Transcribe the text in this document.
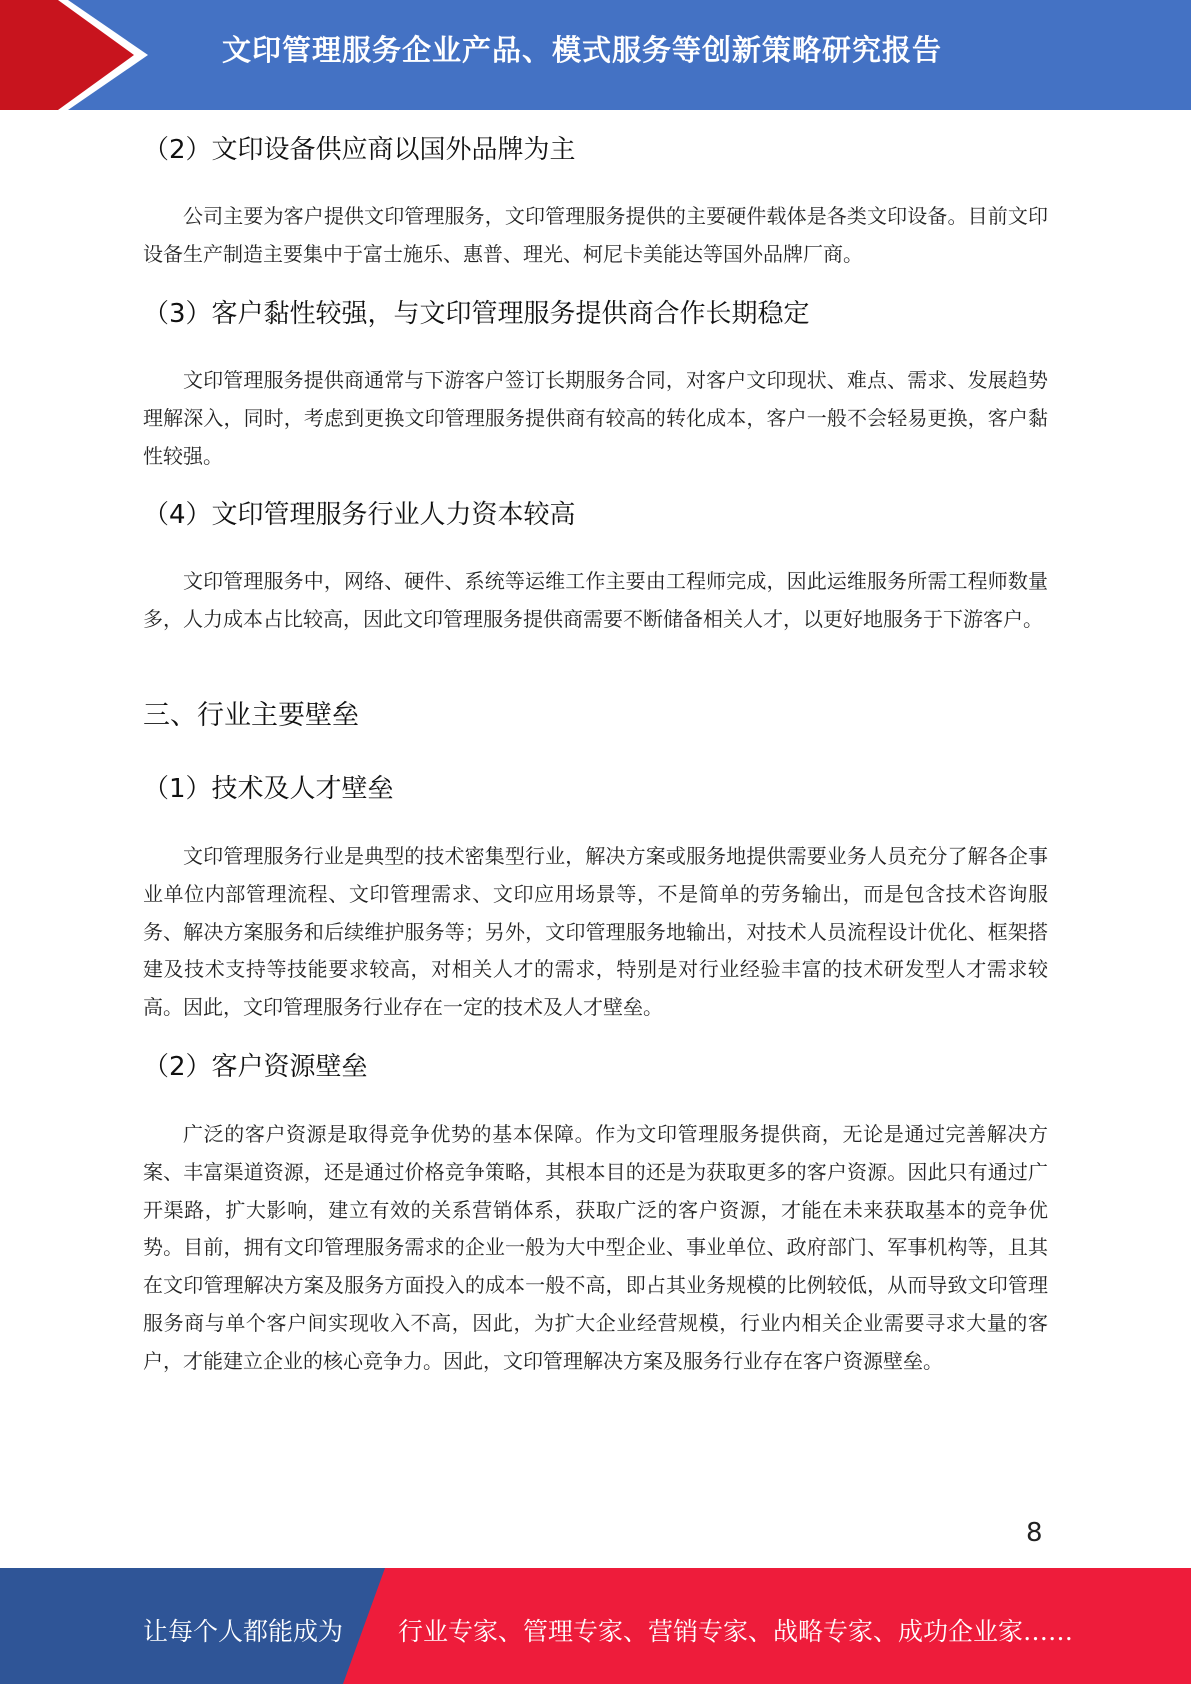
文印管理服务企业产品、模式服务等创新策略研究报告
（2）文印设备供应商以国外品牌为主

公司主要为客户提供文印管理服务，文印管理服务提供的主要硬件载体是各类文印设备。目前文印设备生产制造主要集中于富士施乐、惠普、理光、柯尼卡美能达等国外品牌厂商。

（3）客户黏性较强，与文印管理服务提供商合作长期稳定

文印管理服务提供商通常与下游客户签订长期服务合同，对客户文印现状、难点、需求、发展趋势理解深入，同时，考虑到更换文印管理服务提供商有较高的转化成本，客户一般不会轻易更换，客户黏性较强。

（4）文印管理服务行业人力资本较高

文印管理服务中，网络、硬件、系统等运维工作主要由工程师完成，因此运维服务所需工程师数量多，人力成本占比较高，因此文印管理服务提供商需要不断储备相关人才，以更好地服务于下游客户。

三、行业主要壁垒
（1）技术及人才壁垒

文印管理服务行业是典型的技术密集型行业，解决方案或服务地提供需要业务人员充分了解各企事业单位内部管理流程、文印管理需求、文印应用场景等，不是简单的劳务输出，而是包含技术咨询服务、解决方案服务和后续维护服务等；另外，文印管理服务地输出，对技术人员流程设计优化、框架搭建及技术支持等技能要求较高，对相关人才的需求，特别是对行业经验丰富的技术研发型人才需求较高。因此，文印管理服务行业存在一定的技术及人才壁垒。

（2）客户资源壁垒

广泛的客户资源是取得竞争优势的基本保障。作为文印管理服务提供商，无论是通过完善解决方案、丰富渠道资源，还是通过价格竞争策略，其根本目的还是为获取更多的客户资源。因此只有通过广开渠路，扩大影响，建立有效的关系营销体系，获取广泛的客户资源，才能在未来获取基本的竞争优势。目前，拥有文印管理服务需求的企业一般为大中型企业、事业单位、政府部门、军事机构等，且其在文印管理解决方案及服务方面投入的成本一般不高，即占其业务规模的比例较低，从而导致文印管理服务商与单个客户间实现收入不高，因此，为扩大企业经营规模，行业内相关企业需要寻求大量的客户，才能建立企业的核心竞争力。因此，文印管理解决方案及服务行业存在客户资源壁垒。

8
让每个人都能成为 行业专家、管理专家、营销专家、战略专家、成功企业家……
